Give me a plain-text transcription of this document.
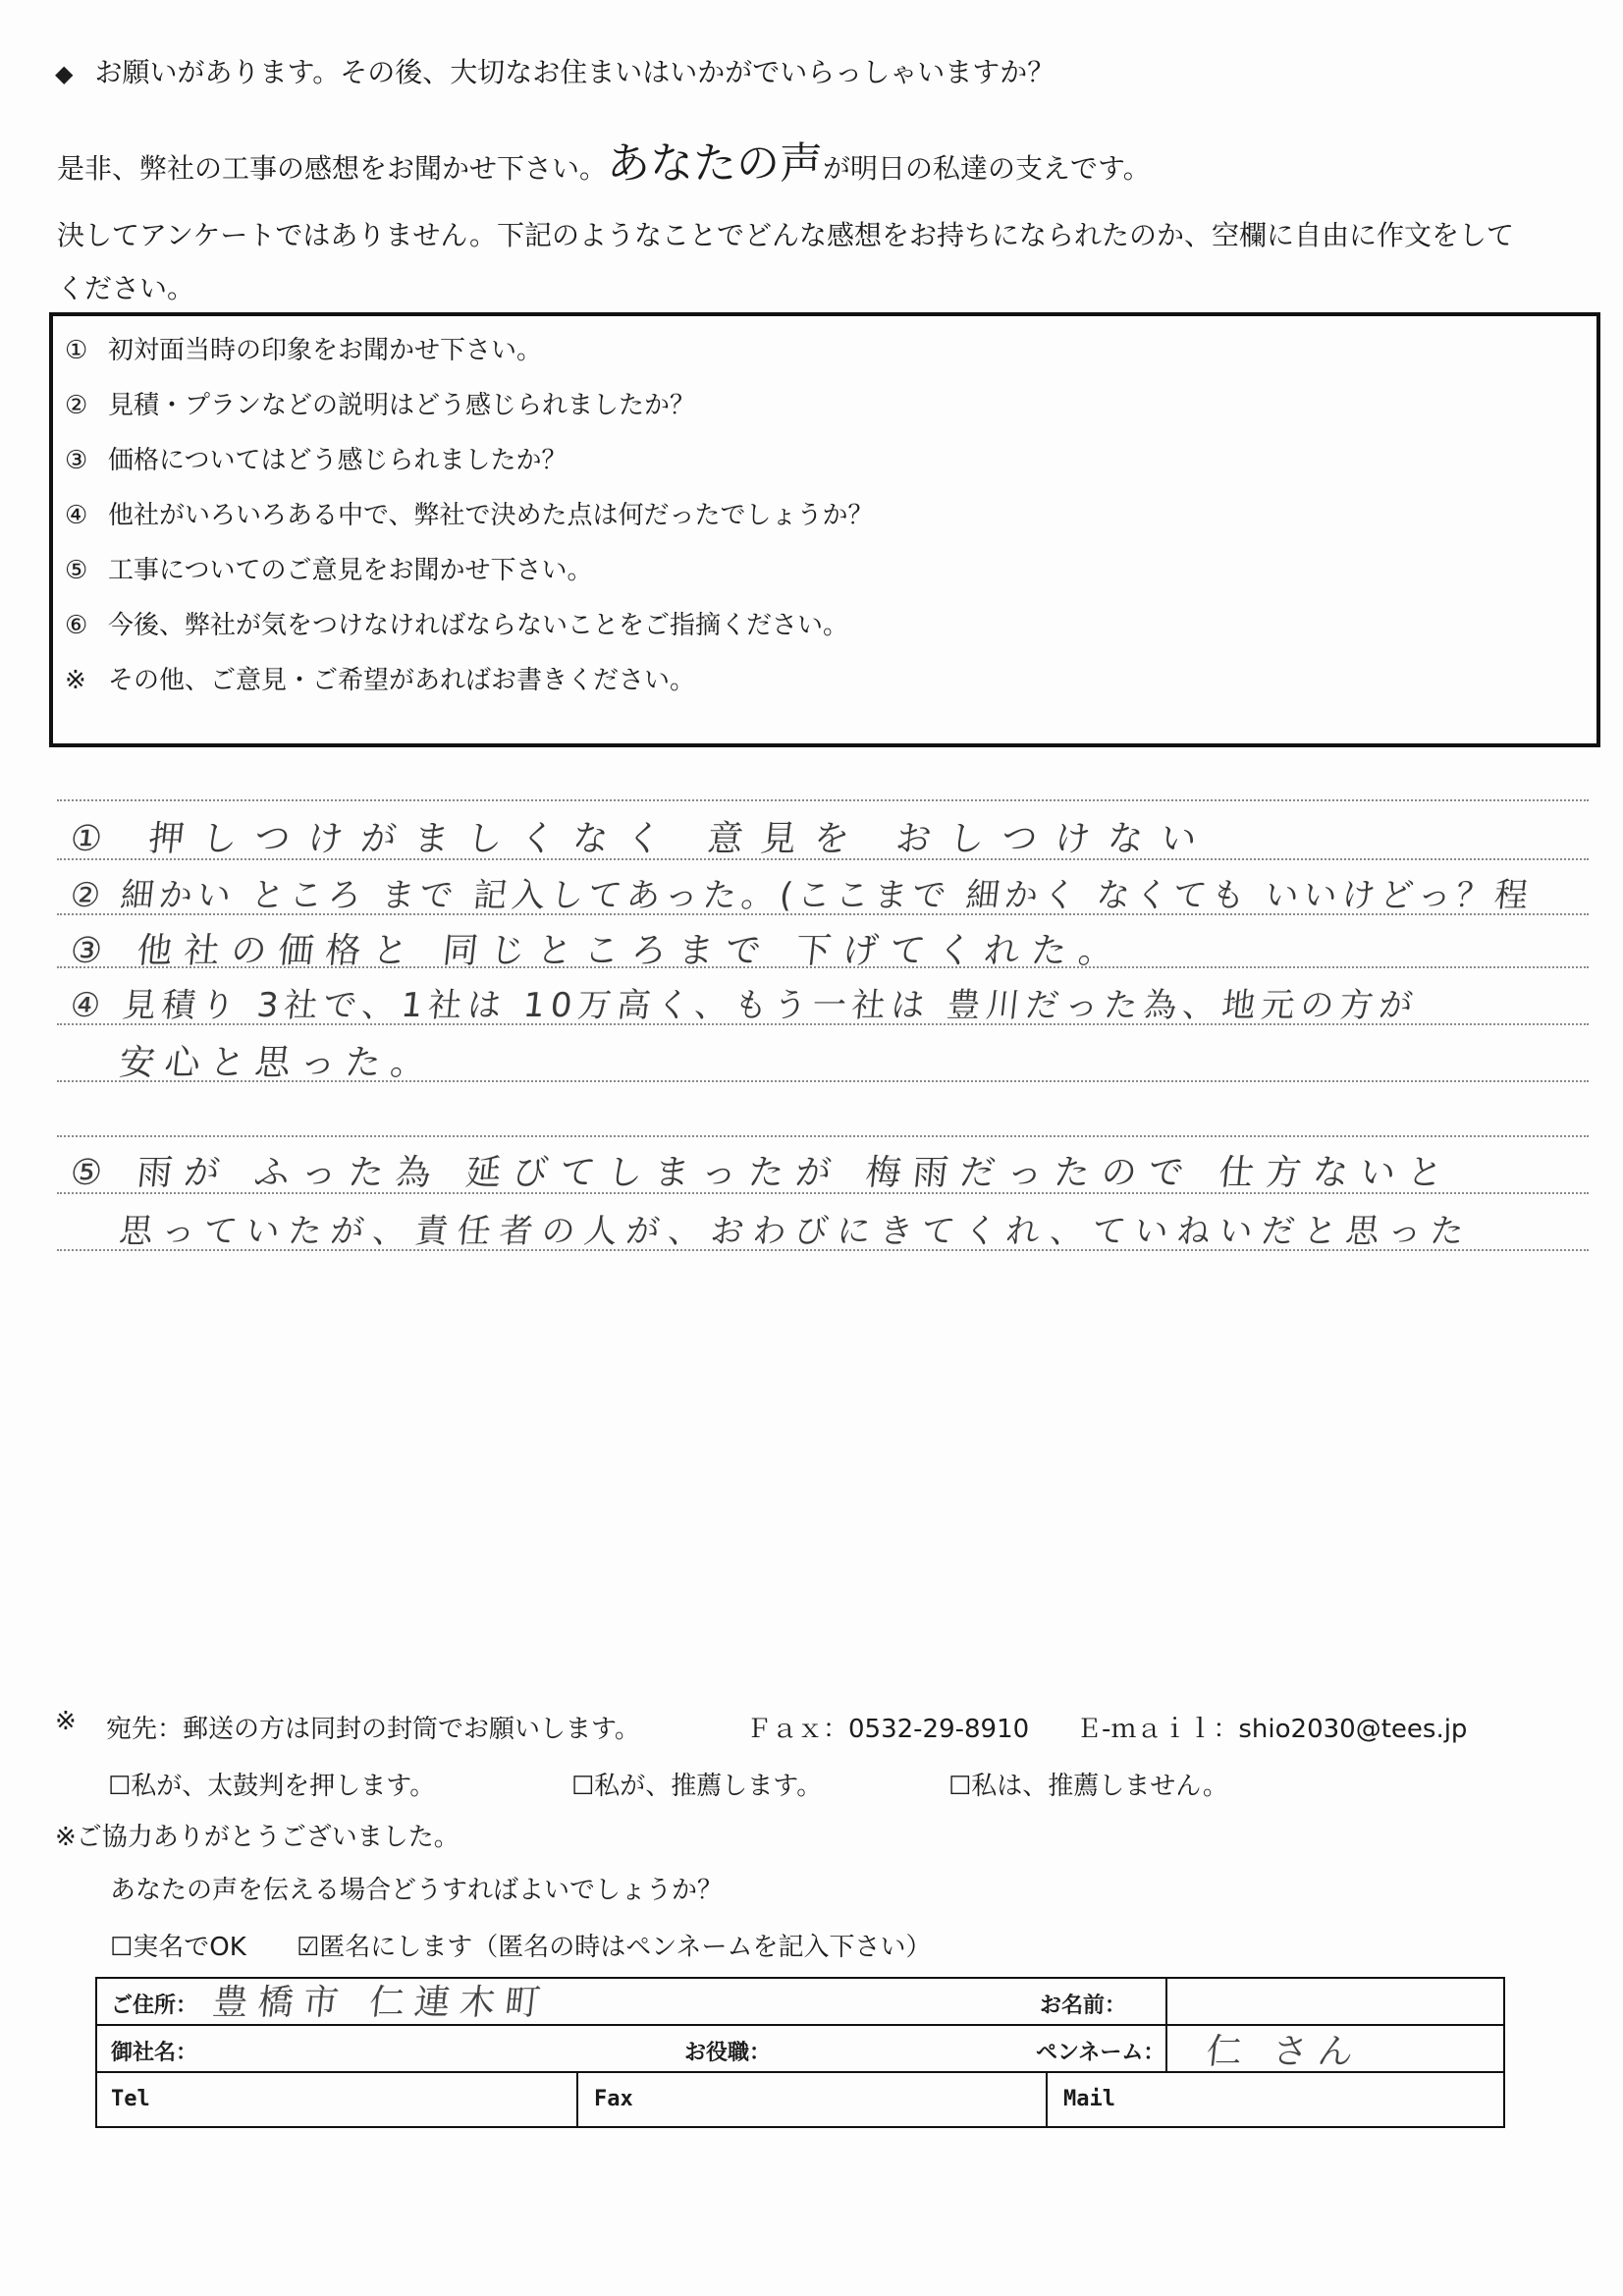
◆ お願いがあります。その後、大切なお住まいはいかがでいらっしゃいますか？
是非、弊社の工事の感想をお聞かせ下さい。あなたの声が明日の私達の支えです。
決してアンケートではありません。下記のようなことでどんな感想をお持ちになられたのか、空欄に自由に作文をして
ください。
① 初対面当時の印象をお聞かせ下さい。
② 見積・プランなどの説明はどう感じられましたか？
③ 価格についてはどう感じられましたか？
④ 他社がいろいろある中で、弊社で決めた点は何だったでしょうか？
⑤ 工事についてのご意見をお聞かせ下さい。
⑥ 今後、弊社が気をつけなければならないことをご指摘ください。
※ その他、ご意見・ご希望があればお書きください。
① 押しつけがましくなく 意見を おしつけない
② 細かい ところ まで 記入してあった。(ここまで 細かく なくても いいけどっ？程
③ 他社の価格と 同じところまで 下げてくれた。
④ 見積り 3社で、1社は 10万高く、もう一社は 豊川だった為、地元の方が
安心と思った。
⑤ 雨が ふった為 延びてしまったが 梅雨だったので 仕方ないと
思っていたが、責任者の人が、おわびにきてくれ、ていねいだと思った
※ 宛先：郵送の方は同封の封筒でお願いします。	Ｆａｘ：0532-29-8910 Ｅ-ｍａｉｌ：shio2030@tees.jp
☐私が、太鼓判を押します。	☐私が、推薦します。	☐私は、推薦しません。
※ご協力ありがとうございました。
あなたの声を伝える場合どうすればよいでしょうか？
☐実名でOK ☑匿名にします（匿名の時はペンネームを記入下さい）
ご住所： 豊橋市 仁連木町	お名前：
御社名：	お役職：	ペンネーム： 仁 さん
Tel	Fax	Mail
